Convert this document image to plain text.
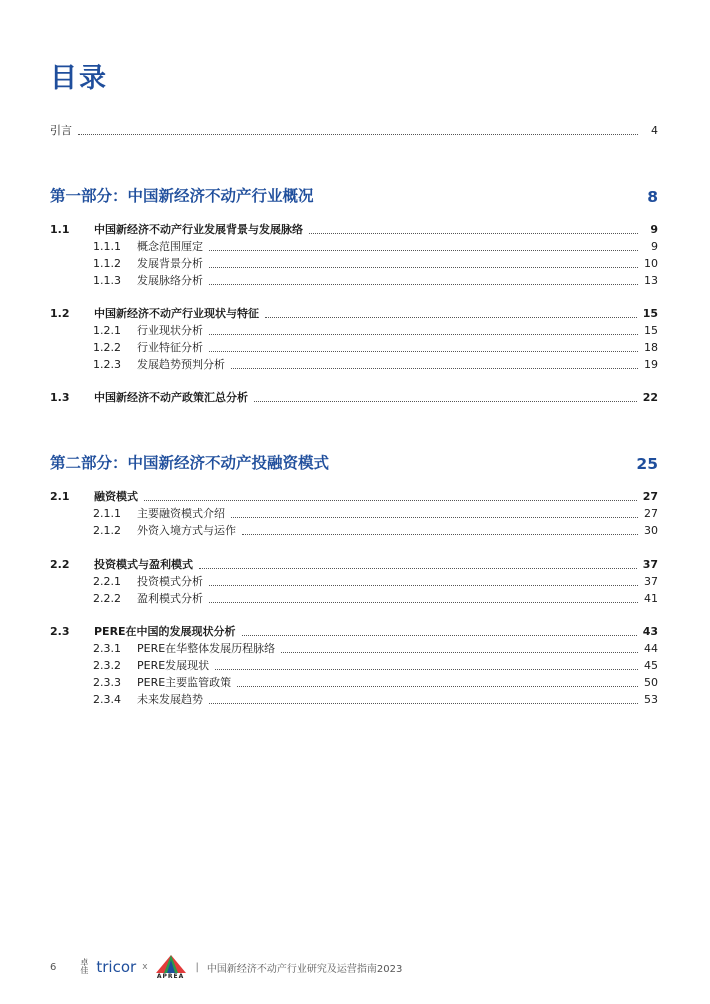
目录
引言	4
第一部分：中国新经济不动产行业概况	8
1.1	中国新经济不动产行业发展背景与发展脉络	9
1.1.1	概念范围厘定	9
1.1.2	发展背景分析	10
1.1.3	发展脉络分析	13
1.2	中国新经济不动产行业现状与特征	15
1.2.1	行业现状分析	15
1.2.2	行业特征分析	18
1.2.3	发展趋势预判分析	19
1.3	中国新经济不动产政策汇总分析	22
第二部分：中国新经济不动产投融资模式	25
2.1	融资模式	27
2.1.1	主要融资模式介绍	27
2.1.2	外资入境方式与运作	30
2.2	投资模式与盈利模式	37
2.2.1	投资模式分析	37
2.2.2	盈利模式分析	41
2.3	PERE在中国的发展现状分析	43
2.3.1	PERE在华整体发展历程脉络	44
2.3.2	PERE发展现状	45
2.3.3	PERE主要监管政策	50
2.3.4	未来发展趋势	53
6	卓佳 tricor x
APREA
| 中国新经济不动产行业研究及运营指南2023
